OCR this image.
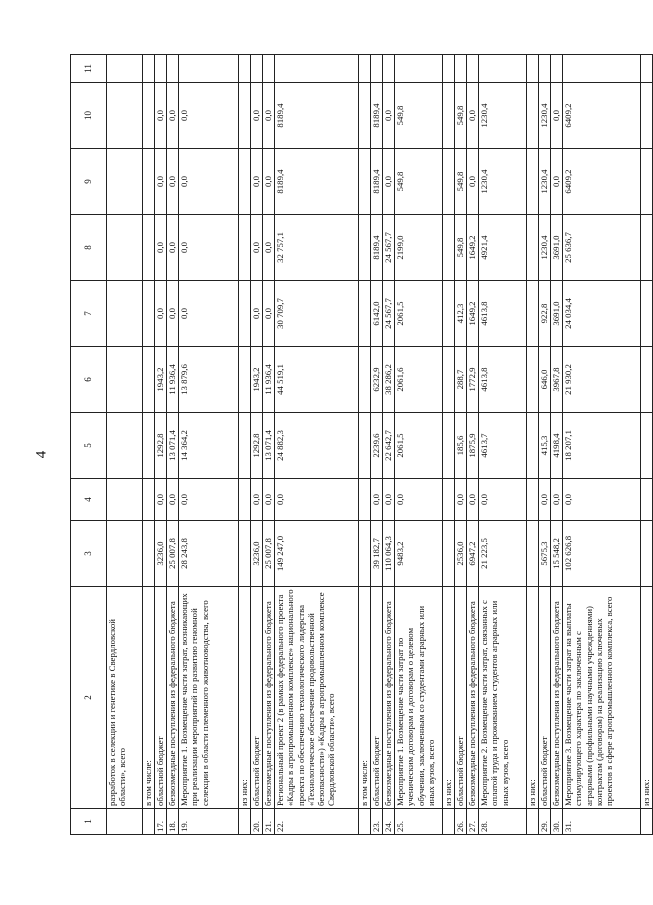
4
1	2	3	4	5	6	7	8	9	10	11
	разработок в селекции и генетике в Свердловской области», всего									
	в том числе:									
17.	областной бюджет	3236,0	0,0	1292,8	1943,2	0,0	0,0	0,0	0,0	
18.	безвозмездные поступления из федерального бюджета	25 007,8	0,0	13 071,4	11 936,4	0,0	0,0	0,0	0,0	
19.	Мероприятие 1. Возмещение части затрат, возникающих при реализации мероприятий по развитию геномной селекции в области племенного животноводства, всего	28 243,8	0,0	14 364,2	13 879,6	0,0	0,0	0,0	0,0	
	из них:									
20.	областной бюджет	3236,0	0,0	1292,8	1943,2	0,0	0,0	0,0	0,0	
21.	безвозмездные поступления из федерального бюджета	25 007,8	0,0	13 071,4	11 936,4	0,0	0,0	0,0	0,0	
22.	Региональный проект 2 (в рамках федерального проекта «Кадры в агропромышленном комплексе» национального проекта по обеспечению технологического лидерства «Технологическое обеспечение продовольственной безопасности») «Кадры в агропромышленном комплексе Свердловской области», всего	149 247,0	0,0	24 882,3	44 519,1	30 709,7	32 757,1	8189,4	8189,4	
	в том числе:									
23.	областной бюджет	39 182,7	0,0	2239,6	6232,9	6142,0	8189,4	8189,4	8189,4	
24.	безвозмездные поступления из федерального бюджета	110 064,3	0,0	22 642,7	38 286,2	24 567,7	24 567,7	0,0	0,0	
25.	Мероприятие 1. Возмещение части затрат по ученическим договорам и договорам о целевом обучении, заключенным со студентами аграрных или иных вузов, всего	9483,2	0,0	2061,5	2061,6	2061,5	2199,0	549,8	549,8	
	из них:									
26.	областной бюджет	2536,0	0,0	185,6	288,7	412,3	549,8	549,8	549,8	
27.	безвозмездные поступления из федерального бюджета	6947,2	0,0	1875,9	1772,9	1649,2	1649,2	0,0	0,0	
28.	Мероприятие 2. Возмещение части затрат, связанных с оплатой труда и проживанием студентов аграрных или иных вузов, всего	21 223,5	0,0	4613,7	4613,8	4613,8	4921,4	1230,4	1230,4	
	из них:									
29.	областной бюджет	5675,3	0,0	415,3	646,0	922,8	1230,4	1230,4	1230,4	
30.	безвозмездные поступления из федерального бюджета	15 548,2	0,0	4198,4	3967,8	3691,0	3691,0	0,0	0,0	
31.	Мероприятие 3. Возмещение части затрат на выплаты стимулирующего характера по заключенным с аграрными (профильными научными учреждениями) контрактам (договорам) на реализацию ключевых проектов в сфере агропромышленного комплекса, всего	102 626,8	0,0	18 207,1	21 930,2	24 034,4	25 636,7	6409,2	6409,2	
	из них:									
